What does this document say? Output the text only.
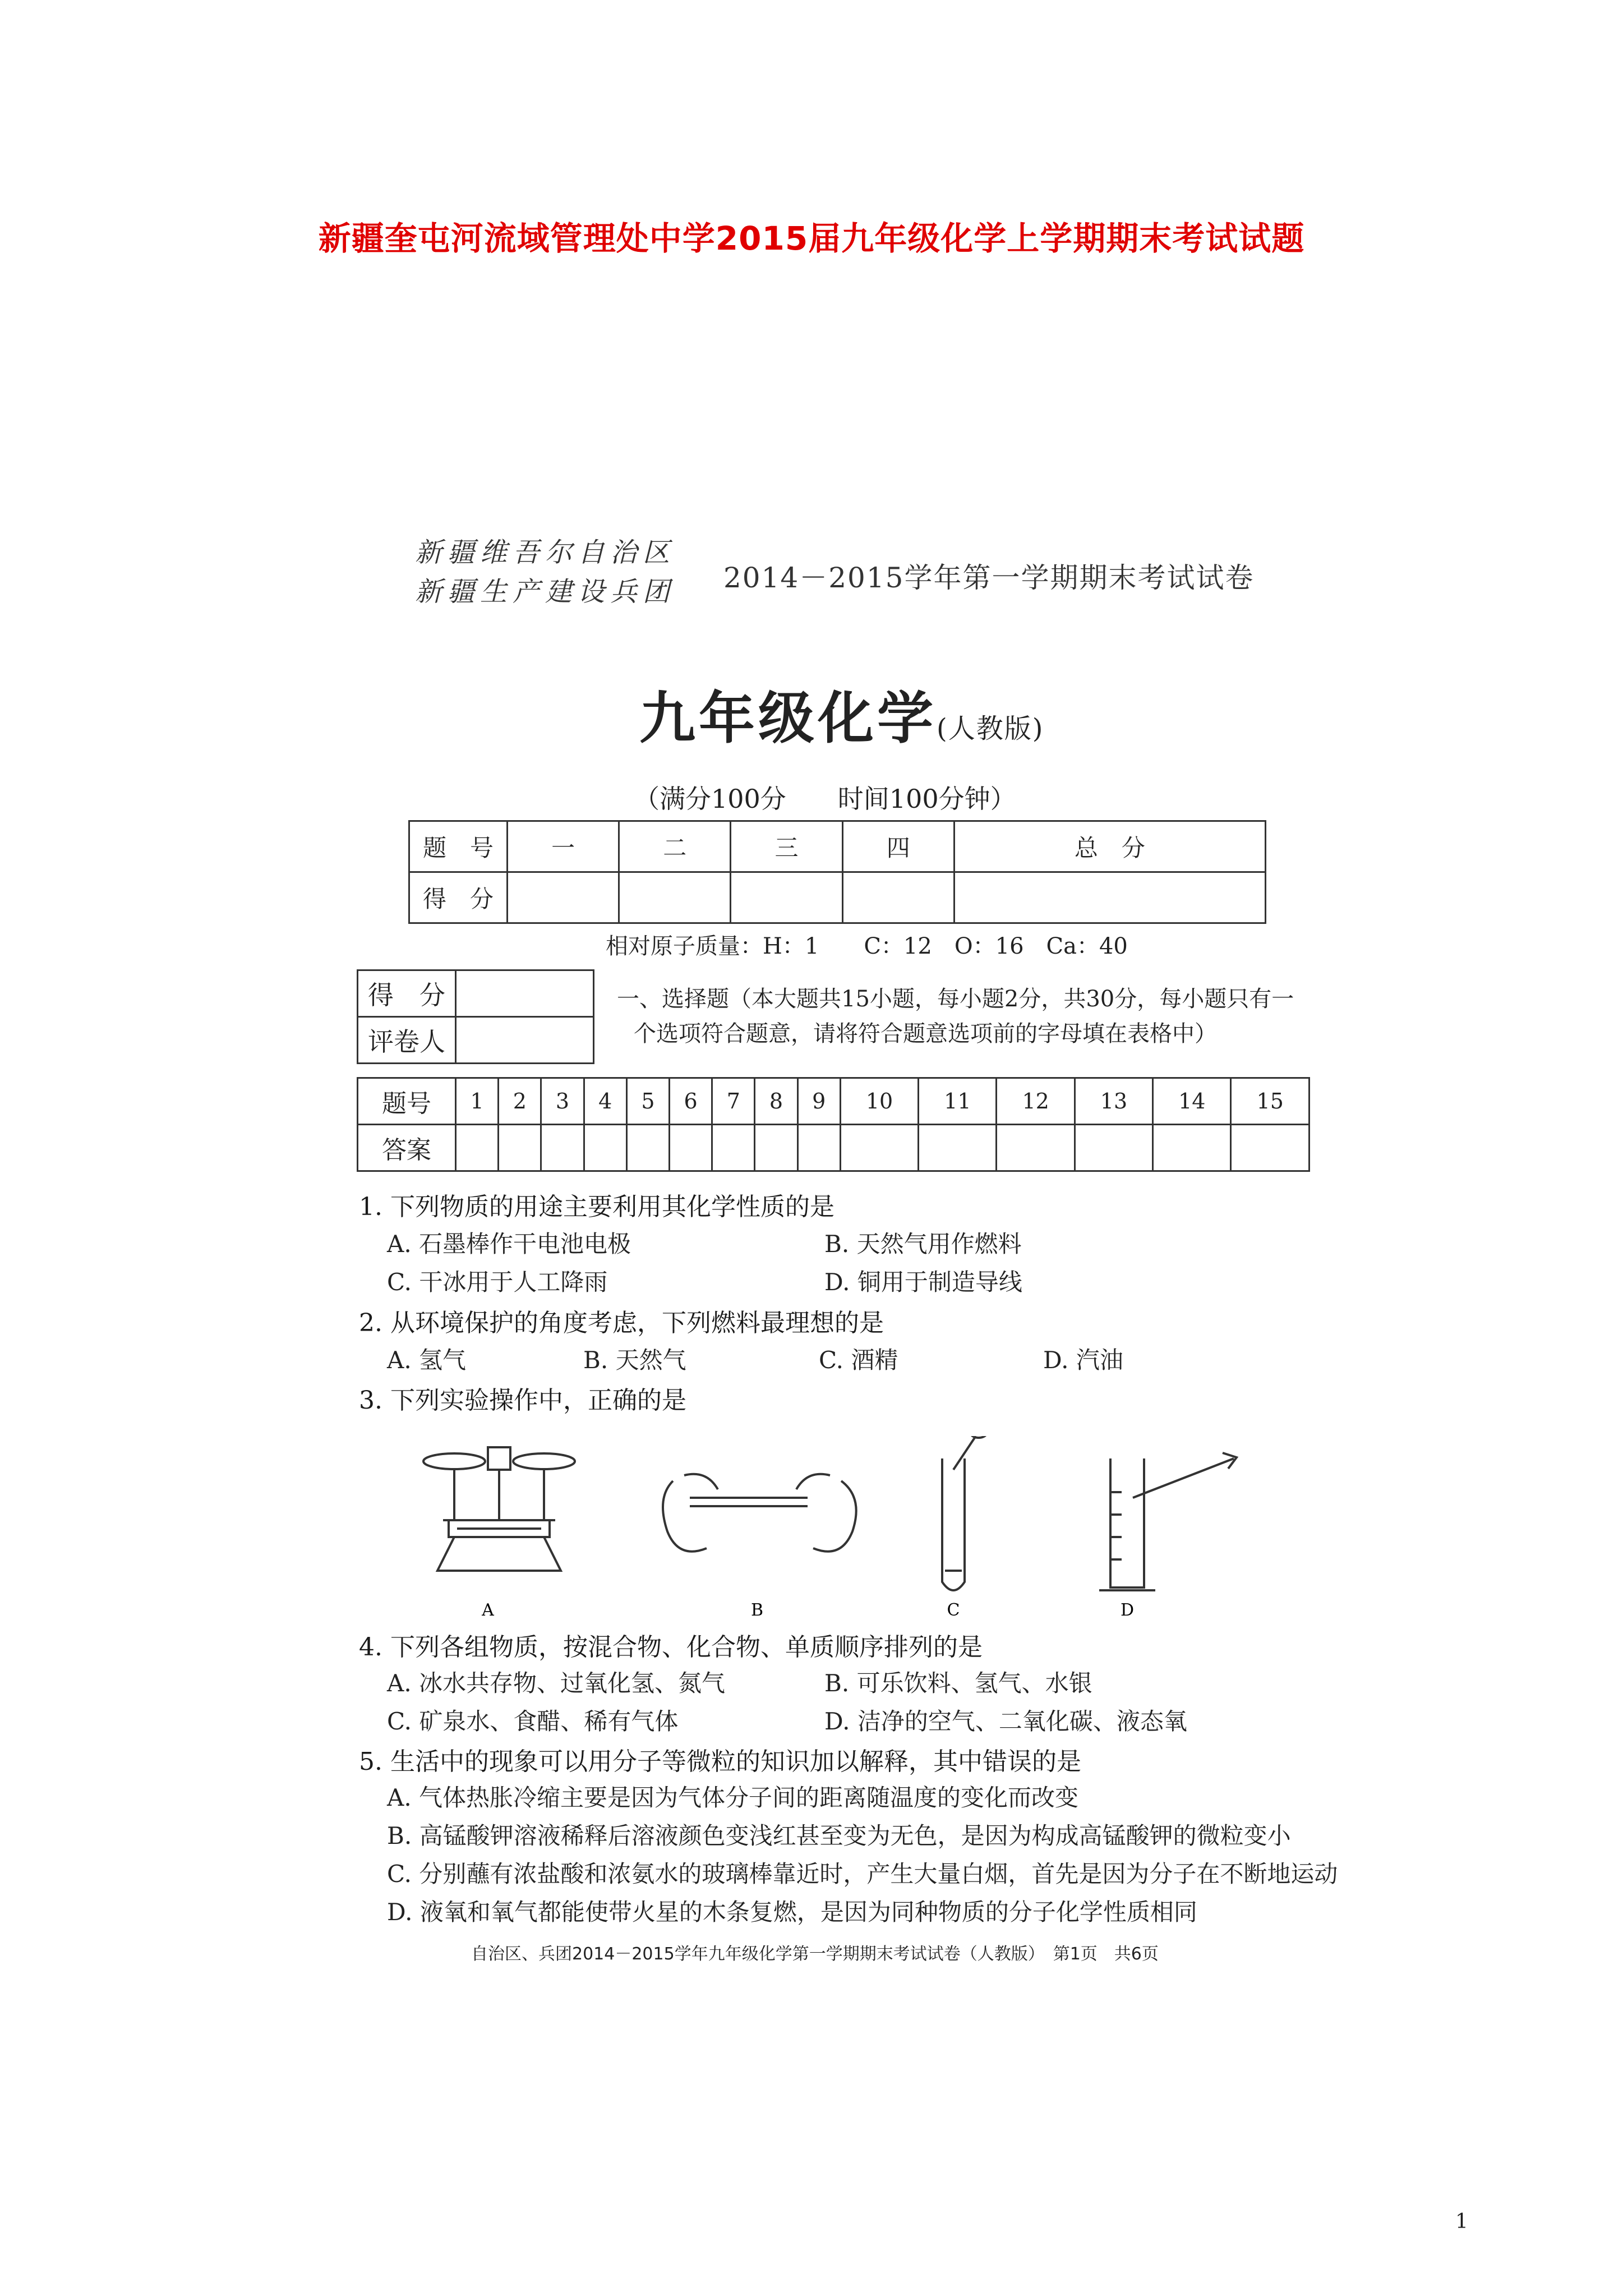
新疆奎屯河流域管理处中学2015届九年级化学上学期期末考试试题
新疆维吾尔自治区
新疆生产建设兵团 2014－2015学年第一学期期末考试试卷
九年级化学(人教版)
（满分100分　　时间100分钟）
题　号	一	二	三	四	总　分
得　分					
相对原子质量：H：1　　C：12　O：16　Ca：40
得　分	
评卷人	
一、选择题（本大题共15小题，每小题2分，共30分，每小题只有一
个选项符合题意，请将符合题意选项前的字母填在表格中）
题号	1	2	3	4	5	6	7	8	9	10	11	12	13	14	15
答案															
1. 下列物质的用途主要利用其化学性质的是
A. 石墨棒作干电池电极	B. 天然气用作燃料
C. 干冰用于人工降雨	D. 铜用于制造导线
2. 从环境保护的角度考虑，下列燃料最理想的是
A. 氢气	B. 天然气	C. 酒精	D. 汽油
3. 下列实验操作中，正确的是
A	B	C	D
4. 下列各组物质，按混合物、化合物、单质顺序排列的是
A. 冰水共存物、过氧化氢、氮气	B. 可乐饮料、氢气、水银
C. 矿泉水、食醋、稀有气体	D. 洁净的空气、二氧化碳、液态氧
5. 生活中的现象可以用分子等微粒的知识加以解释，其中错误的是
A. 气体热胀冷缩主要是因为气体分子间的距离随温度的变化而改变
B. 高锰酸钾溶液稀释后溶液颜色变浅红甚至变为无色，是因为构成高锰酸钾的微粒变小
C. 分别蘸有浓盐酸和浓氨水的玻璃棒靠近时，产生大量白烟，首先是因为分子在不断地运动
D. 液氧和氧气都能使带火星的木条复燃，是因为同种物质的分子化学性质相同
自治区、兵团2014－2015学年九年级化学第一学期期末考试试卷（人教版）　第1页　共6页
1
